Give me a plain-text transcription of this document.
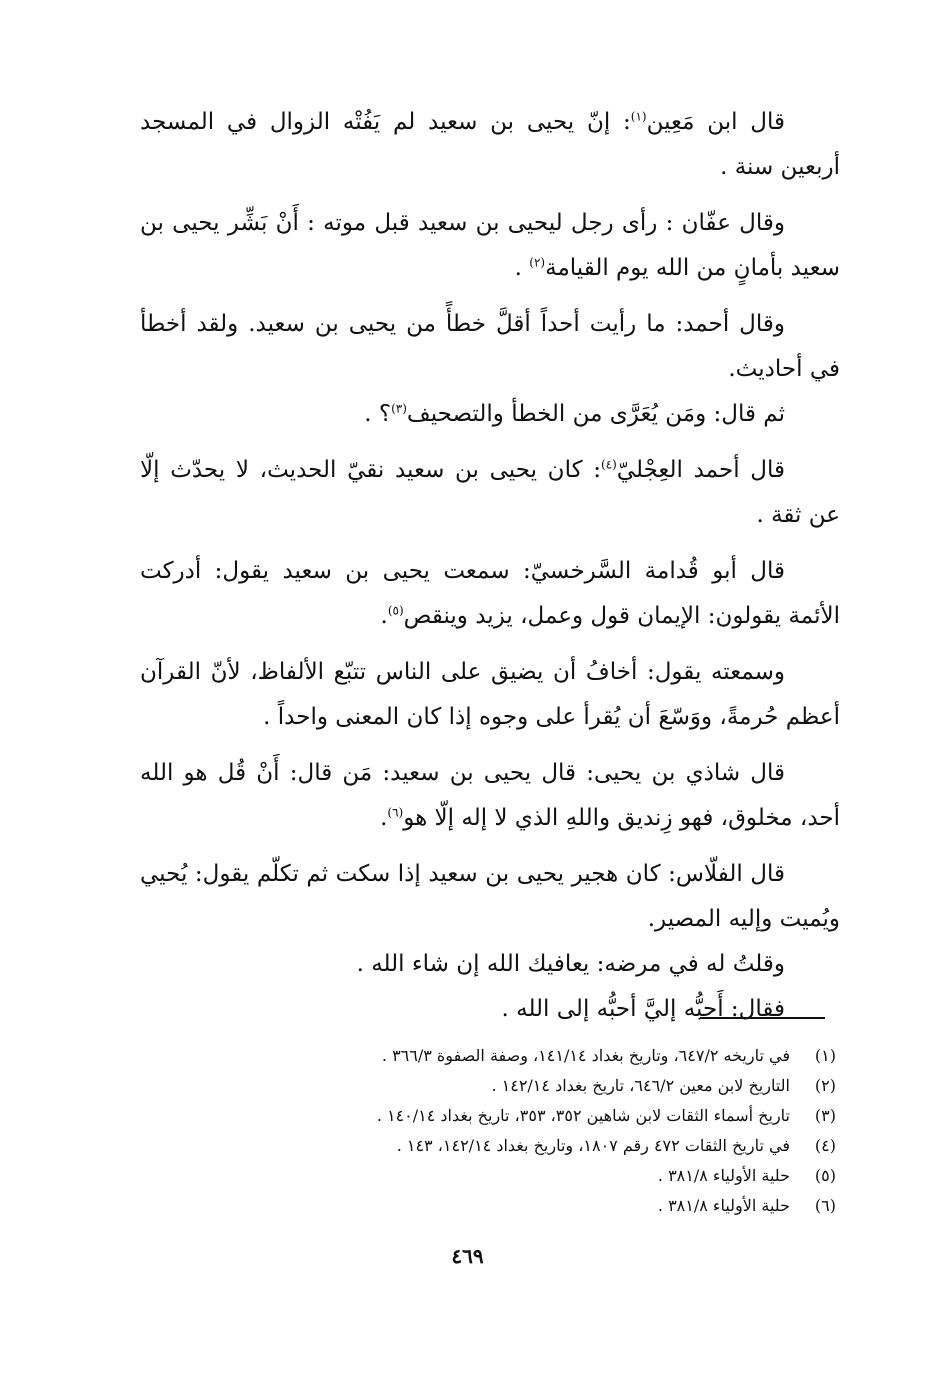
قال ابن مَعِين$^{(١)}$: إنّ يحيى بن سعيد لم يَفُتْه الزوال في المسجد أربعين سنة .

وقال عفّان : رأى رجل ليحيى بن سعيد قبل موته : أَنْ بَشِّر يحيى بن سعيد بأمانٍ من الله يوم القيامة$^{(٢)}$ .

وقال أحمد: ما رأيت أحداً أقلَّ خطأً من يحيى بن سعيد. ولقد أخطأ في أحاديث.

ثم قال: ومَن يُعَرَّى من الخطأ والتصحيف$^{(٣)}$؟ .

قال أحمد العِجْليّ$^{(٤)}$: كان يحيى بن سعيد نقيّ الحديث، لا يحدّث إلّا عن ثقة .

قال أبو قُدامة السَّرخسيّ: سمعت يحيى بن سعيد يقول: أدركت الأئمة يقولون: الإيمان قول وعمل، يزيد وينقص$^{(٥)}$.

وسمعته يقول: أخافُ أن يضيق على الناس تتبّع الألفاظ، لأنّ القرآن أعظم حُرمةً، ووَسّعَ أن يُقرأ على وجوه إذا كان المعنى واحداً .

قال شاذي بن يحيى: قال يحيى بن سعيد: مَن قال: أَنْ قُل هو الله أحد، مخلوق، فهو زِنديق واللهِ الذي لا إله إلّا هو$^{(٦)}$.

قال الفلّاس: كان هجير يحيى بن سعيد إذا سكت ثم تكلّم يقول: يُحيي ويُميت وإليه المصير.

وقلتُ له في مرضه: يعافيك الله إن شاء الله .

فقال: أَحبُّه إليَّ أحبُّه إلى الله .

(١)
في تاريخه ٦٤٧/٢، وتاريخ بغداد ١٤١/١٤، وصفة الصفوة ٣٦٦/٣ .
(٢)
التاريخ لابن معين ٦٤٦/٢، تاريخ بغداد ١٤٢/١٤ .
(٣)
تاريخ أسماء الثقات لابن شاهين ٣٥٢، ٣٥٣، تاريخ بغداد ١٤٠/١٤ .
(٤)
في تاريخ الثقات ٤٧٢ رقم ١٨٠٧، وتاريخ بغداد ١٤٢/١٤، ١٤٣ .
(٥)
حلية الأولياء ٣٨١/٨ .
(٦)
حلية الأولياء ٣٨١/٨ .
٤٦٩
